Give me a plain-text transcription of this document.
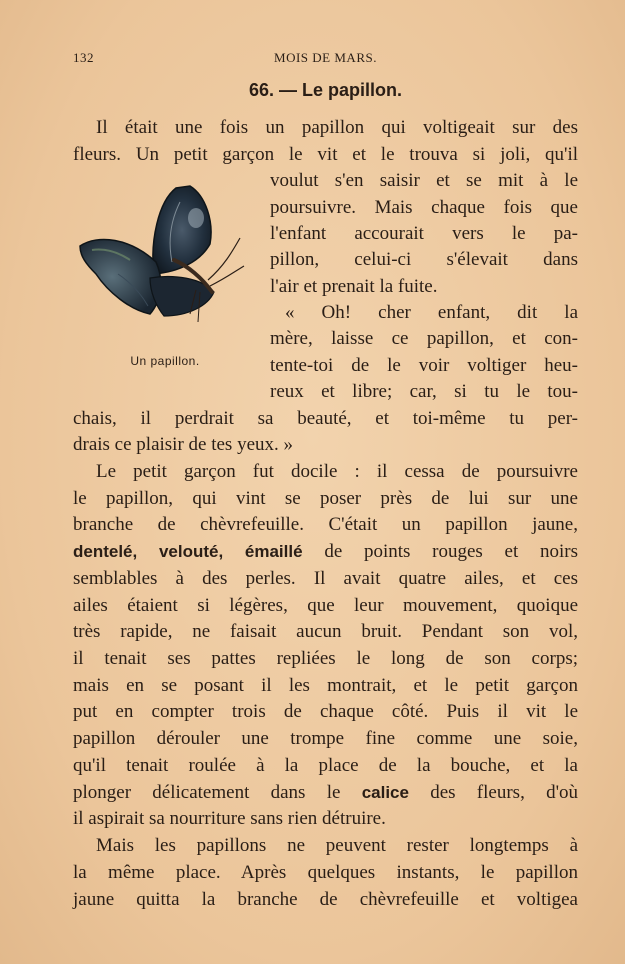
132	MOIS DE MARS.
66. — Le papillon.
Un papillon.
Il était une fois un papillon qui voltigeait sur des
fleurs. Un petit garçon le vit et le trouva si joli, qu'il
voulut s'en saisir et se mit à le
poursuivre. Mais chaque fois que
l'enfant accourait vers le pa-
pillon, celui-ci s'élevait dans
l'air et prenait la fuite.
« Oh! cher enfant, dit la
mère, laisse ce papillon, et con-
tente-toi de le voir voltiger heu-
reux et libre; car, si tu le tou-
chais, il perdrait sa beauté, et toi-même tu per-
drais ce plaisir de tes yeux. »
Le petit garçon fut docile : il cessa de poursuivre
le papillon, qui vint se poser près de lui sur une
branche de chèvrefeuille. C'était un papillon jaune,
dentelé, velouté, émaillé de points rouges et noirs
semblables à des perles. Il avait quatre ailes, et ces
ailes étaient si légères, que leur mouvement, quoique
très rapide, ne faisait aucun bruit. Pendant son vol,
il tenait ses pattes repliées le long de son corps;
mais en se posant il les montrait, et le petit garçon
put en compter trois de chaque côté. Puis il vit le
papillon dérouler une trompe fine comme une soie,
qu'il tenait roulée à la place de la bouche, et la
plonger délicatement dans le calice des fleurs, d'où
il aspirait sa nourriture sans rien détruire.
Mais les papillons ne peuvent rester longtemps à
la même place. Après quelques instants, le papillon
jaune quitta la branche de chèvrefeuille et voltigea
